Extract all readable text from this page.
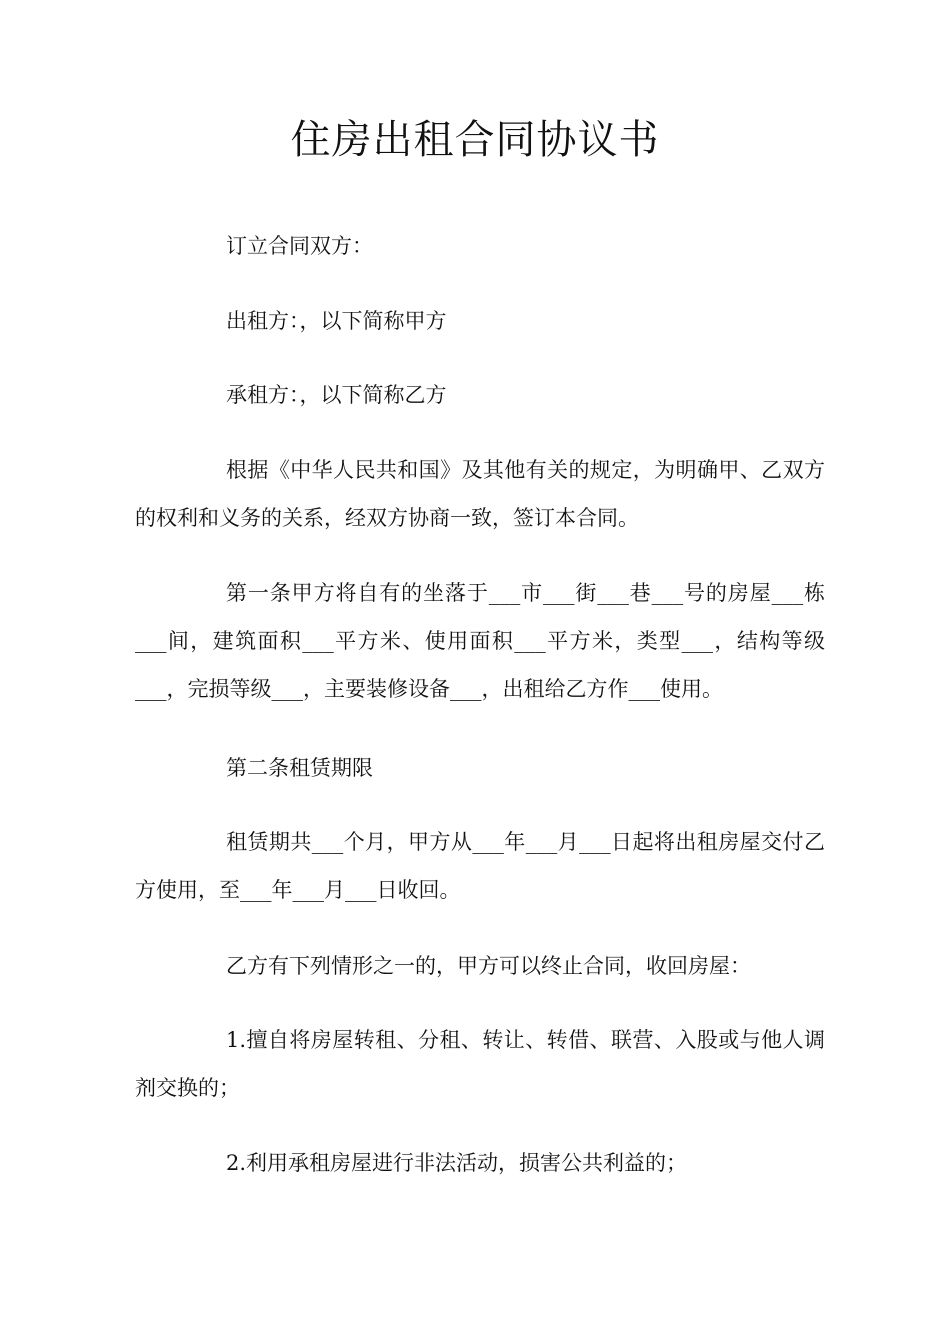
住房出租合同协议书

订立合同双方：

出租方：，以下简称甲方

承租方：，以下简称乙方

根据《中华人民共和国》及其他有关的规定，为明确甲、乙双方的权利和义务的关系，经双方协商一致，签订本合同。

第一条甲方将自有的坐落于___市___街___巷___号的房屋___栋___间，建筑面积___平方米、使用面积___平方米，类型___，结构等级___，完损等级___，主要装修设备___，出租给乙方作___使用。

第二条租赁期限

租赁期共___个月，甲方从___年___月___日起将出租房屋交付乙方使用，至___年___月___日收回。

乙方有下列情形之一的，甲方可以终止合同，收回房屋：

1.擅自将房屋转租、分租、转让、转借、联营、入股或与他人调剂交换的；

2.利用承租房屋进行非法活动，损害公共利益的；
